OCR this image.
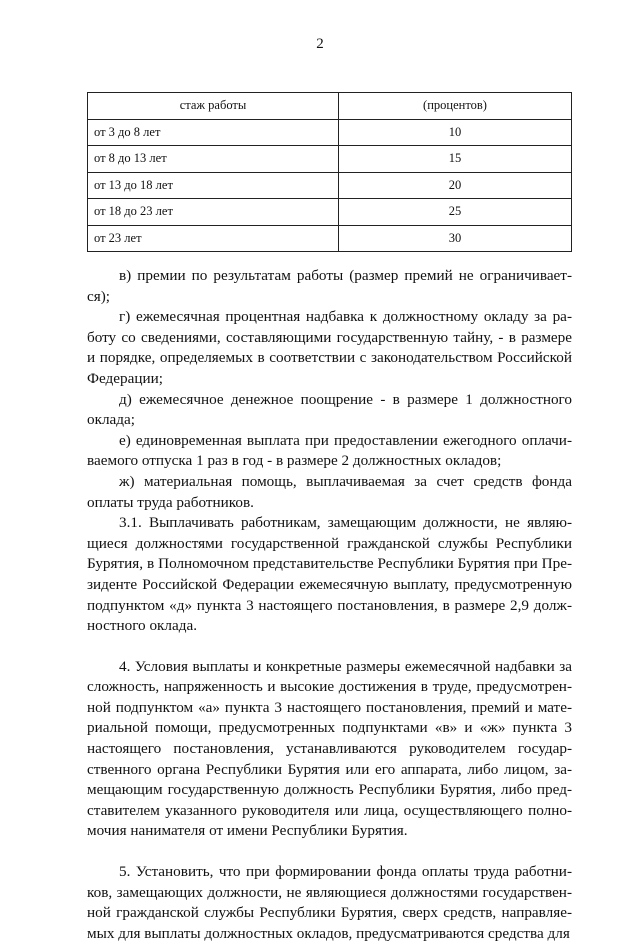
2
стаж работы	(процентов)
от 3 до 8 лет	10
от 8 до 13 лет	15
от 13 до 18 лет	20
от 18 до 23 лет	25
от 23 лет	30

в) премии по результатам работы (размер премий не ограничивается);

г) ежемесячная процентная надбавка к должностному окладу за работу со сведениями, составляющими государственную тайну, - в размере и порядке, определяемых в соответствии с законодательством Российской Федерации;

д) ежемесячное денежное поощрение - в размере 1 должностного оклада;

е) единовременная выплата при предоставлении ежегодного оплачиваемого отпуска 1 раз в год - в размере 2 должностных окладов;

ж) материальная помощь, выплачиваемая за счет средств фонда оплаты труда работников.

3.1. Выплачивать работникам, замещающим должности, не являющиеся должностями государственной гражданской службы Республики Бурятия, в Полномочном представительстве Республики Бурятия при Президенте Российской Федерации ежемесячную выплату, предусмотренную подпунктом «д» пункта 3 настоящего постановления, в размере 2,9 должностного оклада.

4. Условия выплаты и конкретные размеры ежемесячной надбавки за сложность, напряженность и высокие достижения в труде, предусмотренной подпунктом «а» пункта 3 настоящего постановления, премий и материальной помощи, предусмотренных подпунктами «в» и «ж» пункта 3 настоящего постановления, устанавливаются руководителем государственного органа Республики Бурятия или его аппарата, либо лицом, замещающим государственную должность Республики Бурятия, либо представителем указанного руководителя или лица, осуществляющего полномочия нанимателя от имени Республики Бурятия.

5. Установить, что при формировании фонда оплаты труда работников, замещающих должности, не являющиеся должностями государственной гражданской службы Республики Бурятия, сверх средств, направляемых для выплаты должностных окладов, предусматриваются средства для
